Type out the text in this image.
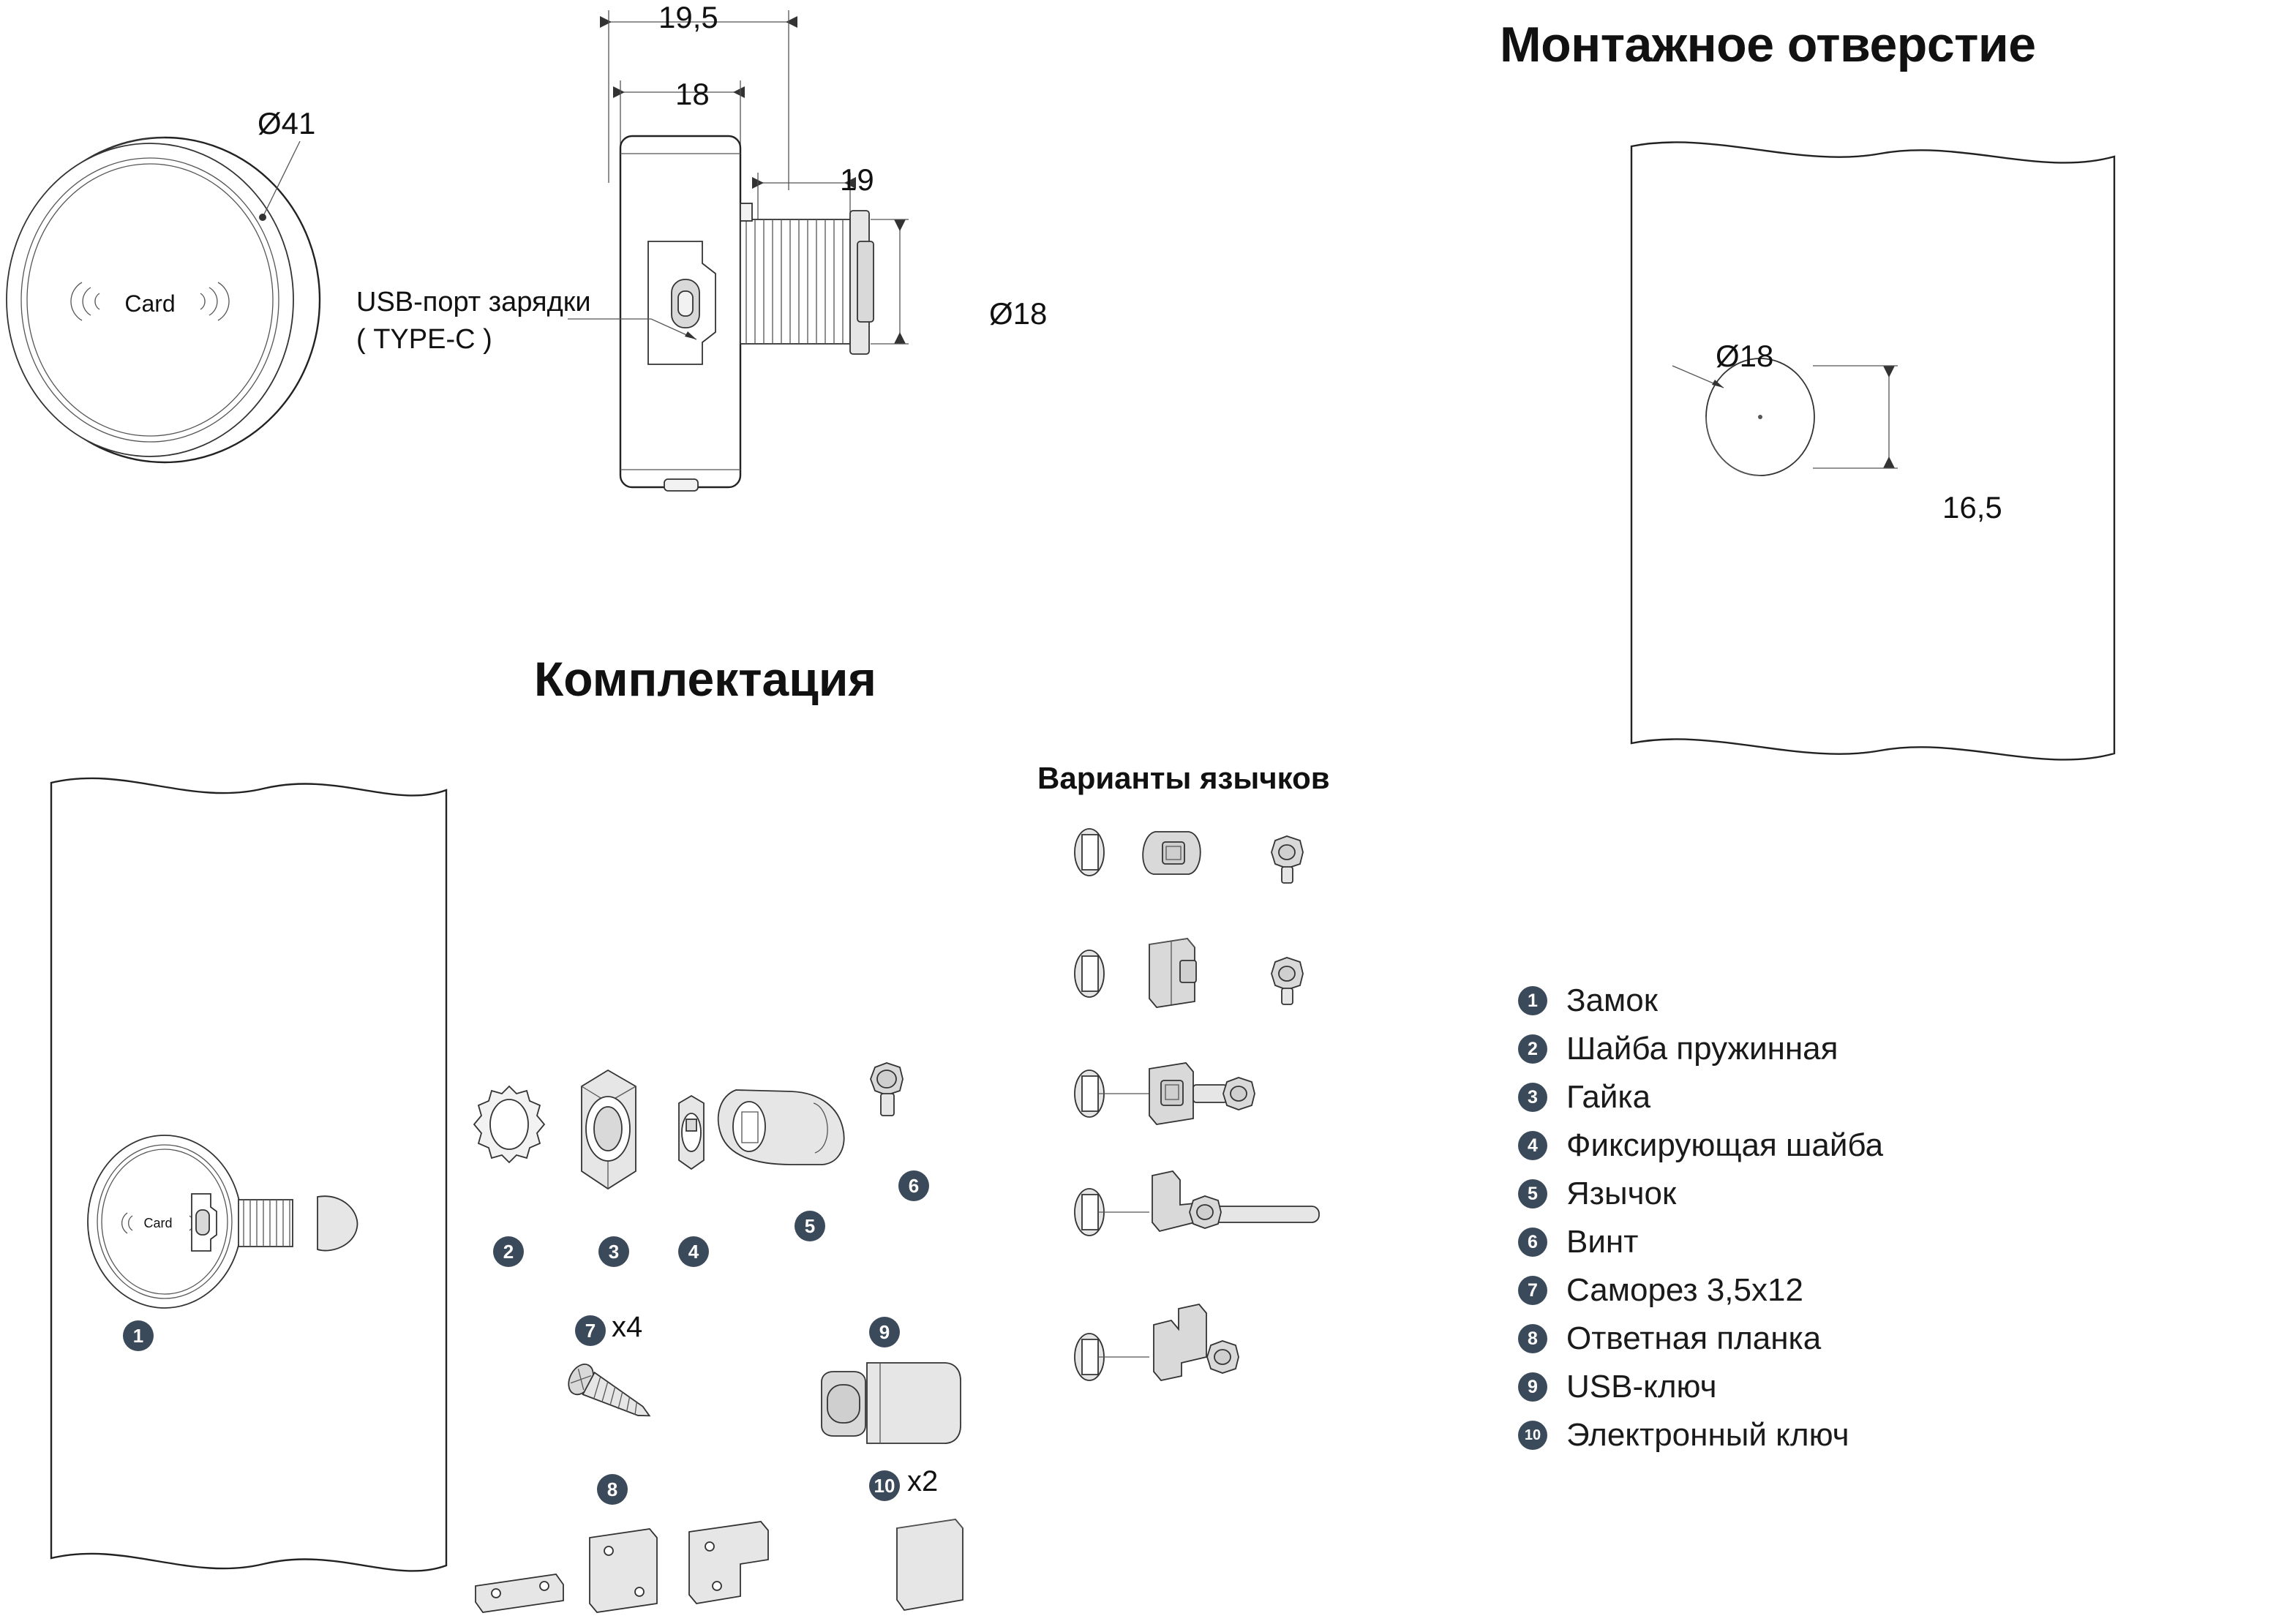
Card
Ø41
19,5
18
19
Ø18
USB-порт зарядки
( TYPE-C )
Монтажное отверстие
Ø18
16,5
Комплектация
Card
1
2	3	4
5
6
7 x4
8
9
10 x2
Варианты язычков
1 Замок
2 Шайба пружинная
3 Гайка
4 Фиксирующая шайба
5 Язычок
6 Винт
7 Саморез 3,5х12
8 Ответная планка
9 USB-ключ
10 Электронный ключ
